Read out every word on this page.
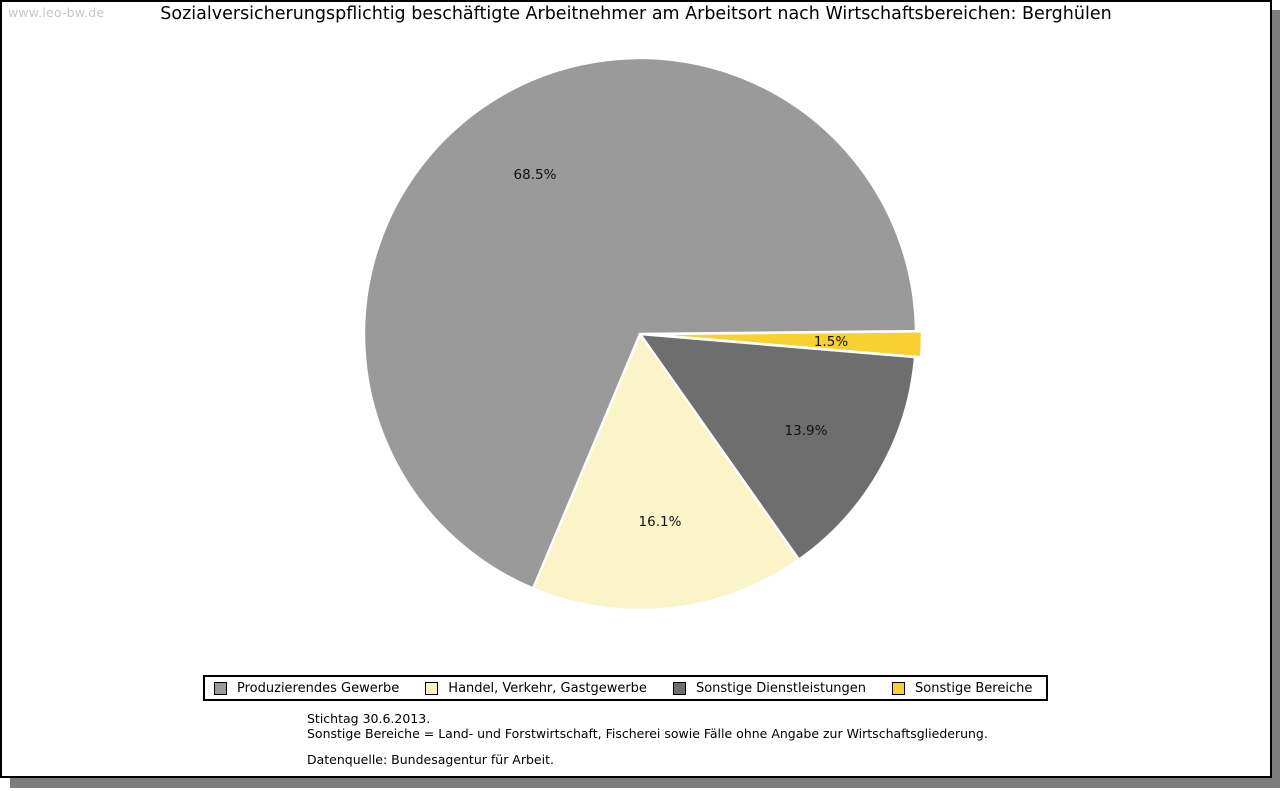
www.leo-bw.de	Sozialversicherungspflichtig beschäftigte Arbeitnehmer am Arbeitsort nach Wirtschaftsbereichen: Berghülen
1.5%
13.9%
16.1%
68.5%
Produzierendes Gewerbe	Handel, Verkehr, Gastgewerbe	Sonstige Dienstleistungen	Sonstige Bereiche
Stichtag 30.6.2013.
Sonstige Bereiche = Land- und Forstwirtschaft, Fischerei sowie Fälle ohne Angabe zur Wirtschaftsgliederung.
Datenquelle: Bundesagentur für Arbeit.
